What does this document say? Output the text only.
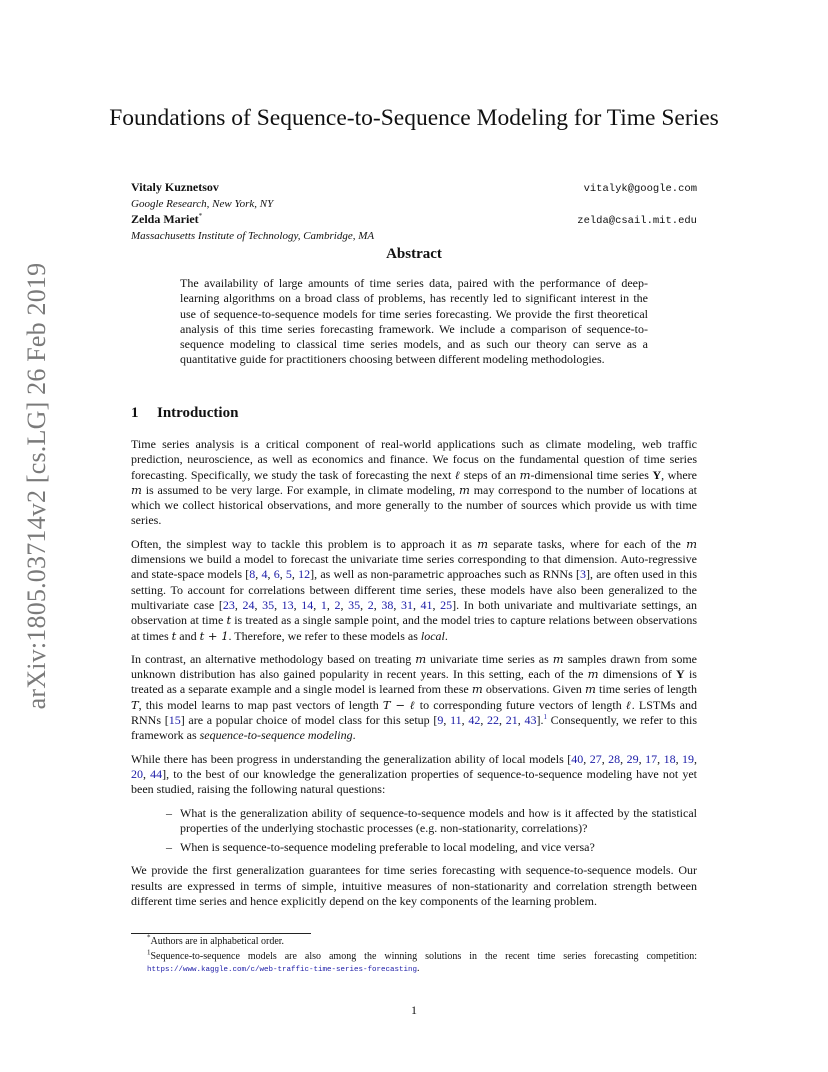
arXiv:1805.03714v2 [cs.LG] 26 Feb 2019
Foundations of Sequence-to-Sequence Modeling for Time Series
Vitaly Kuznetsov	vitalyk@google.com
Google Research, New York, NY
Zelda Mariet*	zelda@csail.mit.edu
Massachusetts Institute of Technology, Cambridge, MA
Abstract
The availability of large amounts of time series data, paired with the performance of deep-learning algorithms on a broad class of problems, has recently led to significant interest in the use of sequence-to-sequence models for time series forecasting. We provide the first theoretical analysis of this time series forecasting framework. We include a comparison of sequence-to-sequence modeling to classical time series models, and as such our theory can serve as a quantitative guide for practitioners choosing between different modeling methodologies.
1 Introduction

Time series analysis is a critical component of real-world applications such as climate modeling, web traffic prediction, neuroscience, as well as economics and finance. We focus on the fundamental question of time series forecasting. Specifically, we study the task of forecasting the next ℓ steps of an m-dimensional time series Y, where m is assumed to be very large. For example, in climate modeling, m may correspond to the number of locations at which we collect historical observations, and more generally to the number of sources which provide us with time series.

Often, the simplest way to tackle this problem is to approach it as m separate tasks, where for each of the m dimensions we build a model to forecast the univariate time series corresponding to that dimension. Auto-regressive and state-space models [8, 4, 6, 5, 12], as well as non-parametric approaches such as RNNs [3], are often used in this setting. To account for correlations between different time series, these models have also been generalized to the multivariate case [23, 24, 35, 13, 14, 1, 2, 35, 2, 38, 31, 41, 25]. In both univariate and multivariate settings, an observation at time t is treated as a single sample point, and the model tries to capture relations between observations at times t and t + 1. Therefore, we refer to these models as local.

In contrast, an alternative methodology based on treating m univariate time series as m samples drawn from some unknown distribution has also gained popularity in recent years. In this setting, each of the m dimensions of Y is treated as a separate example and a single model is learned from these m observations. Given m time series of length T, this model learns to map past vectors of length T − ℓ to corresponding future vectors of length ℓ. LSTMs and RNNs [15] are a popular choice of model class for this setup [9, 11, 42, 22, 21, 43].$^1$ Consequently, we refer to this framework as sequence-to-sequence modeling.

While there has been progress in understanding the generalization ability of local models [40, 27, 28, 29, 17, 18, 19, 20, 44], to the best of our knowledge the generalization properties of sequence-to-sequence modeling have not yet been studied, raising the following natural questions:

– What is the generalization ability of sequence-to-sequence models and how is it affected by the statistical properties of the underlying stochastic processes (e.g. non-stationarity, correlations)?
– When is sequence-to-sequence modeling preferable to local modeling, and vice versa?

We provide the first generalization guarantees for time series forecasting with sequence-to-sequence models. Our results are expressed in terms of simple, intuitive measures of non-stationarity and correlation strength between different time series and hence explicitly depend on the key components of the learning problem.

*Authors are in alphabetical order.

$^1$Sequence-to-sequence models are also among the winning solutions in the recent time series forecasting competition: https://www.kaggle.com/c/web-traffic-time-series-forecasting.

1
